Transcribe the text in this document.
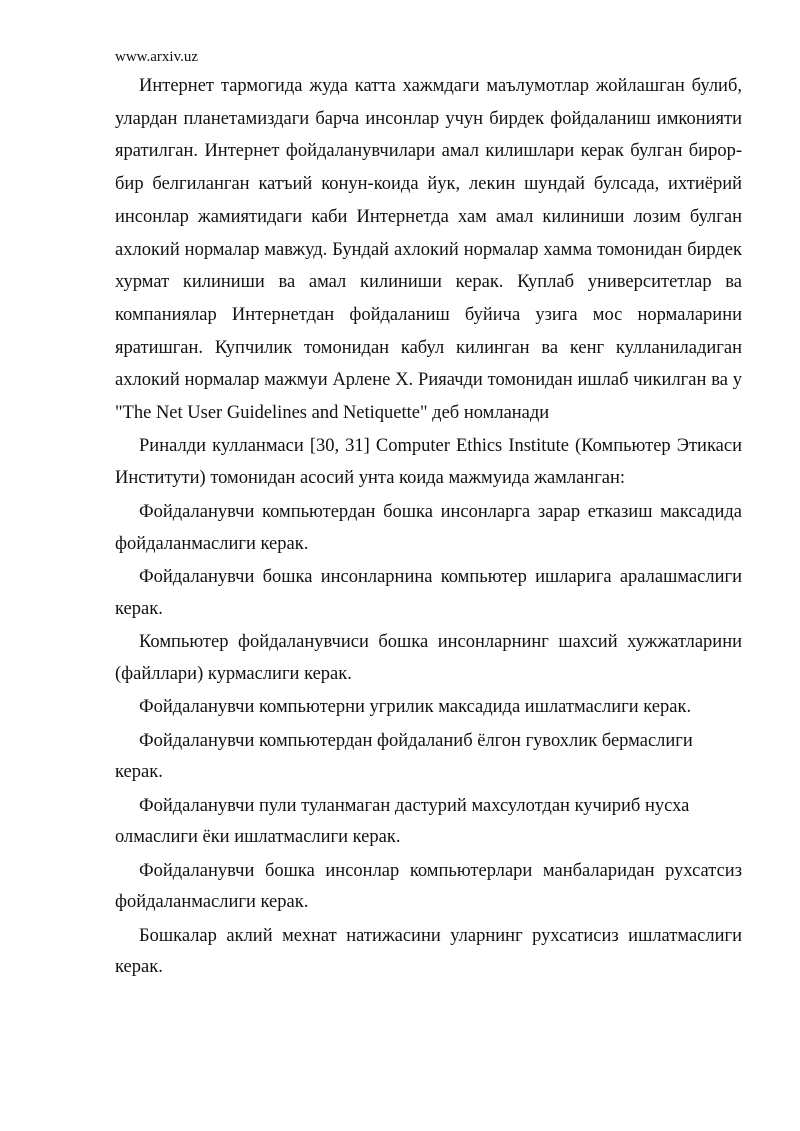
www.arxiv.uz

Интернет тармогида жуда катта хажмдаги маълумотлар жойлашган булиб, улардан планетамиздаги барча инсонлар учун бирдек фойдаланиш имконияти яратилган. Интернет фойдаланувчилари амал килишлари керак булган бирор-бир белгиланган катъий конун-коида йук, лекин шундай булсада, ихтиёрий инсонлар жамиятидаги каби Интернетда хам амал килиниши лозим булган ахлокий нормалар мавжуд. Бундай ахлокий нормалар хамма томонидан бирдек хурмат килиниши ва амал килиниши керак. Куплаб университетлар ва компаниялар Интернетдан фойдаланиш буйича узига мос нормаларини яратишган. Купчилик томонидан кабул килинган ва кенг кулланиладиган ахлокий нормалар мажмуи Арлене Х. Рияачди томонидан ишлаб чикилган ва у "The Net User Guidelines and Netiquette" деб номланади

Риналди кулланмаси [30, 31] Computer Ethics Institute (Компьютер Этикаси Институти) томонидан асосий унта коида мажмуида жамланган:

Фойдаланувчи компьютердан бошка инсонларга зарар етказиш максадида фойдаланмаслиги керак.

Фойдаланувчи бошка инсонларнина компьютер ишларига аралашмаслиги керак.

Компьютер фойдаланувчиси бошка инсонларнинг шахсий хужжатларини (файллари) курмаслиги керак.

Фойдаланувчи компьютерни угрилик максадида ишлатмаслиги керак.

Фойдаланувчи компьютердан фойдаланиб ёлгон гувохлик бермаслиги керак.

Фойдаланувчи пули туланмаган дастурий махсулотдан кучириб нусха олмаслиги ёки ишлатмаслиги керак.

Фойдаланувчи бошка инсонлар компьютерлари манбаларидан рухсатсиз фойдаланмаслиги керак.

Бошкалар аклий мехнат натижасини уларнинг рухсатисиз ишлатмаслиги керак.
